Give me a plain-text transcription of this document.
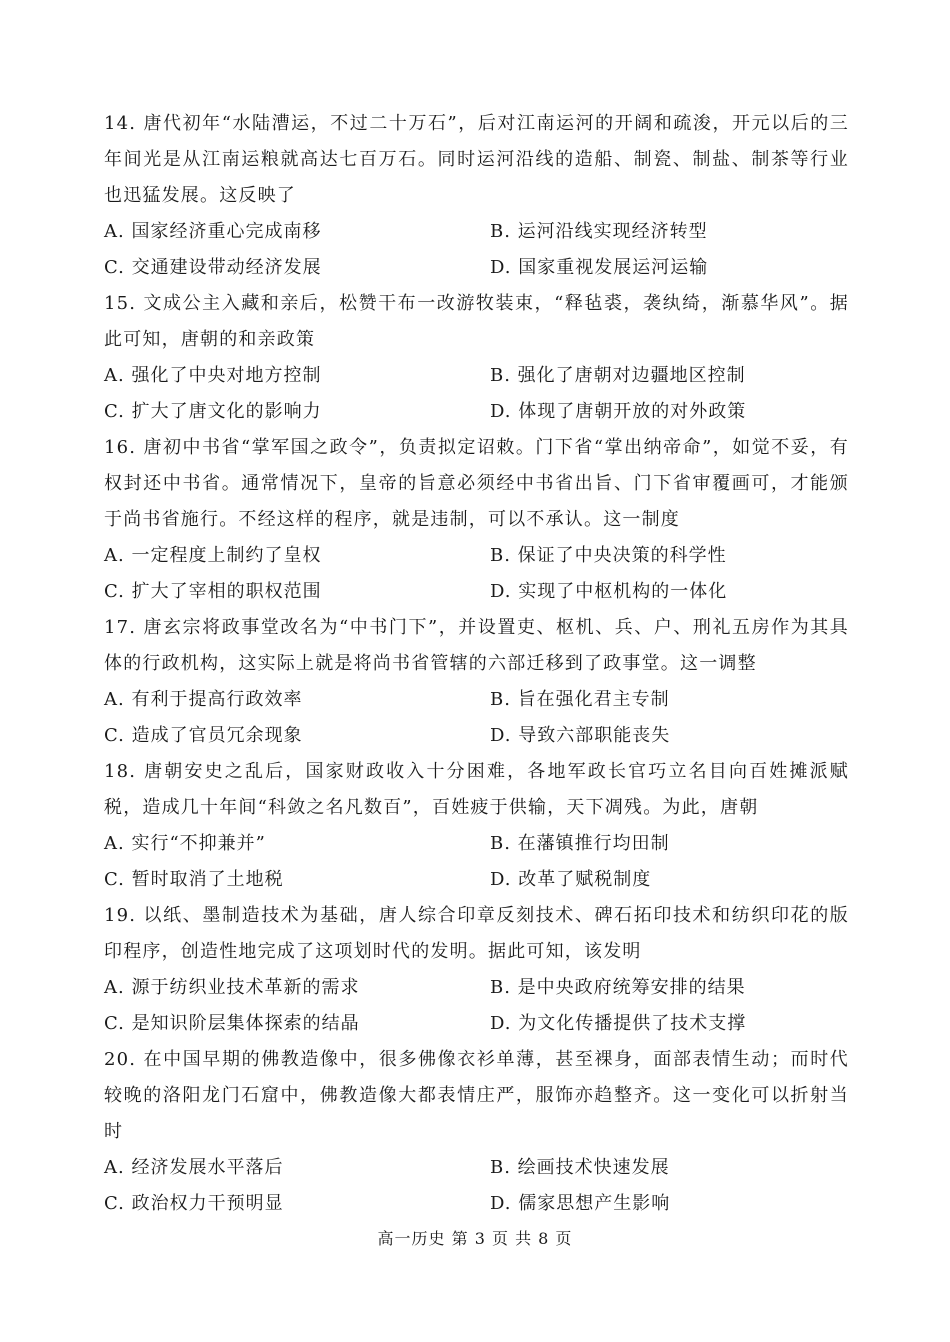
14. 唐代初年“水陆漕运，不过二十万石”，后对江南运河的开阔和疏浚，开元以后的三年间光是从江南运粮就高达七百万石。同时运河沿线的造船、制瓷、制盐、制茶等行业也迅猛发展。这反映了

A. 国家经济重心完成南移	B. 运河沿线实现经济转型
C. 交通建设带动经济发展	D. 国家重视发展运河运输

15. 文成公主入藏和亲后，松赞干布一改游牧装束，“释毡裘，袭纨绮，渐慕华风”。据此可知，唐朝的和亲政策

A. 强化了中央对地方控制	B. 强化了唐朝对边疆地区控制
C. 扩大了唐文化的影响力	D. 体现了唐朝开放的对外政策

16. 唐初中书省“掌军国之政令”，负责拟定诏敕。门下省“掌出纳帝命”，如觉不妥，有权封还中书省。通常情况下，皇帝的旨意必须经中书省出旨、门下省审覆画可，才能颁于尚书省施行。不经这样的程序，就是违制，可以不承认。这一制度

A. 一定程度上制约了皇权	B. 保证了中央决策的科学性
C. 扩大了宰相的职权范围	D. 实现了中枢机构的一体化

17. 唐玄宗将政事堂改名为“中书门下”，并设置吏、枢机、兵、户、刑礼五房作为其具体的行政机构，这实际上就是将尚书省管辖的六部迁移到了政事堂。这一调整

A. 有利于提高行政效率	B. 旨在强化君主专制
C. 造成了官员冗余现象	D. 导致六部职能丧失

18. 唐朝安史之乱后，国家财政收入十分困难，各地军政长官巧立名目向百姓摊派赋税，造成几十年间“科敛之名凡数百”，百姓疲于供输，天下凋残。为此，唐朝

A. 实行“不抑兼并”	B. 在藩镇推行均田制
C. 暂时取消了土地税	D. 改革了赋税制度

19. 以纸、墨制造技术为基础，唐人综合印章反刻技术、碑石拓印技术和纺织印花的版印程序，创造性地完成了这项划时代的发明。据此可知，该发明

A. 源于纺织业技术革新的需求	B. 是中央政府统筹安排的结果
C. 是知识阶层集体探索的结晶	D. 为文化传播提供了技术支撑

20. 在中国早期的佛教造像中，很多佛像衣衫单薄，甚至裸身，面部表情生动；而时代较晚的洛阳龙门石窟中，佛教造像大都表情庄严，服饰亦趋整齐。这一变化可以折射当时

A. 经济发展水平落后	B. 绘画技术快速发展
C. 政治权力干预明显	D. 儒家思想产生影响
高一历史 第 3 页 共 8 页
